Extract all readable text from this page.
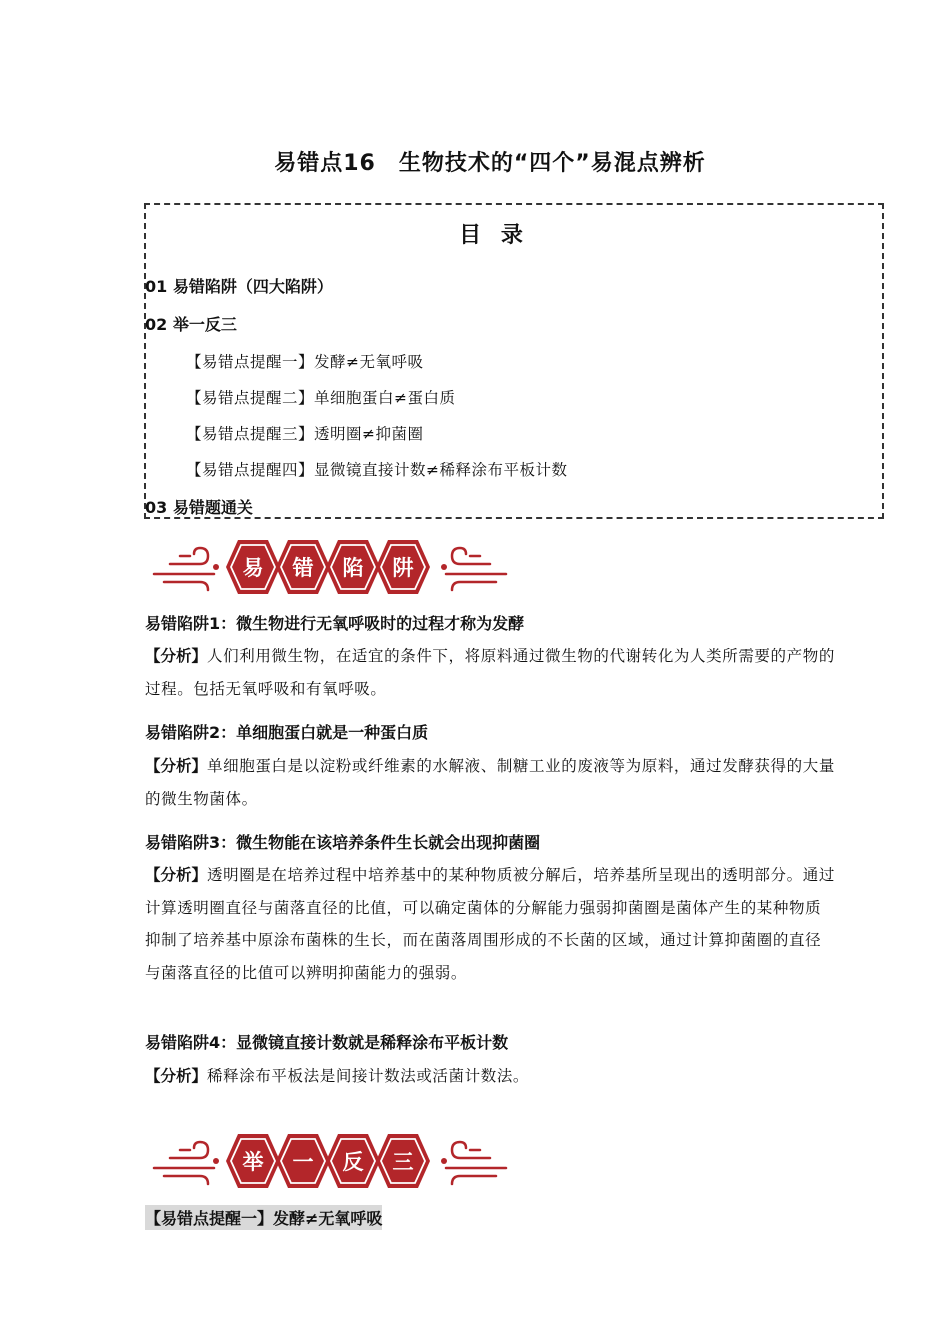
易错点16　生物技术的“四个”易混点辨析
目 录
01 易错陷阱（四大陷阱）
02 举一反三
【易错点提醒一】发酵≠无氧呼吸
【易错点提醒二】单细胞蛋白≠蛋白质
【易错点提醒三】透明圈≠抑菌圈
【易错点提醒四】显微镜直接计数≠稀释涂布平板计数
03 易错题通关
易 错 陷 阱
易错陷阱1：微生物进行无氧呼吸时的过程才称为发酵
【分析】人们利用微生物，在适宜的条件下，将原料通过微生物的代谢转化为人类所需要的产物的过程。包括无氧呼吸和有氧呼吸。
易错陷阱2：单细胞蛋白就是一种蛋白质
【分析】单细胞蛋白是以淀粉或纤维素的水解液、制糖工业的废液等为原料，通过发酵获得的大量的微生物菌体。
易错陷阱3：微生物能在该培养条件生长就会出现抑菌圈
【分析】透明圈是在培养过程中培养基中的某种物质被分解后，培养基所呈现出的透明部分。通过计算透明圈直径与菌落直径的比值，可以确定菌体的分解能力强弱抑菌圈是菌体产生的某种物质抑制了培养基中原涂布菌株的生长，而在菌落周围形成的不长菌的区域，通过计算抑菌圈的直径与菌落直径的比值可以辨明抑菌能力的强弱。
易错陷阱4：显微镜直接计数就是稀释涂布平板计数
【分析】稀释涂布平板法是间接计数法或活菌计数法。
举 一 反 三
【易错点提醒一】发酵≠无氧呼吸
